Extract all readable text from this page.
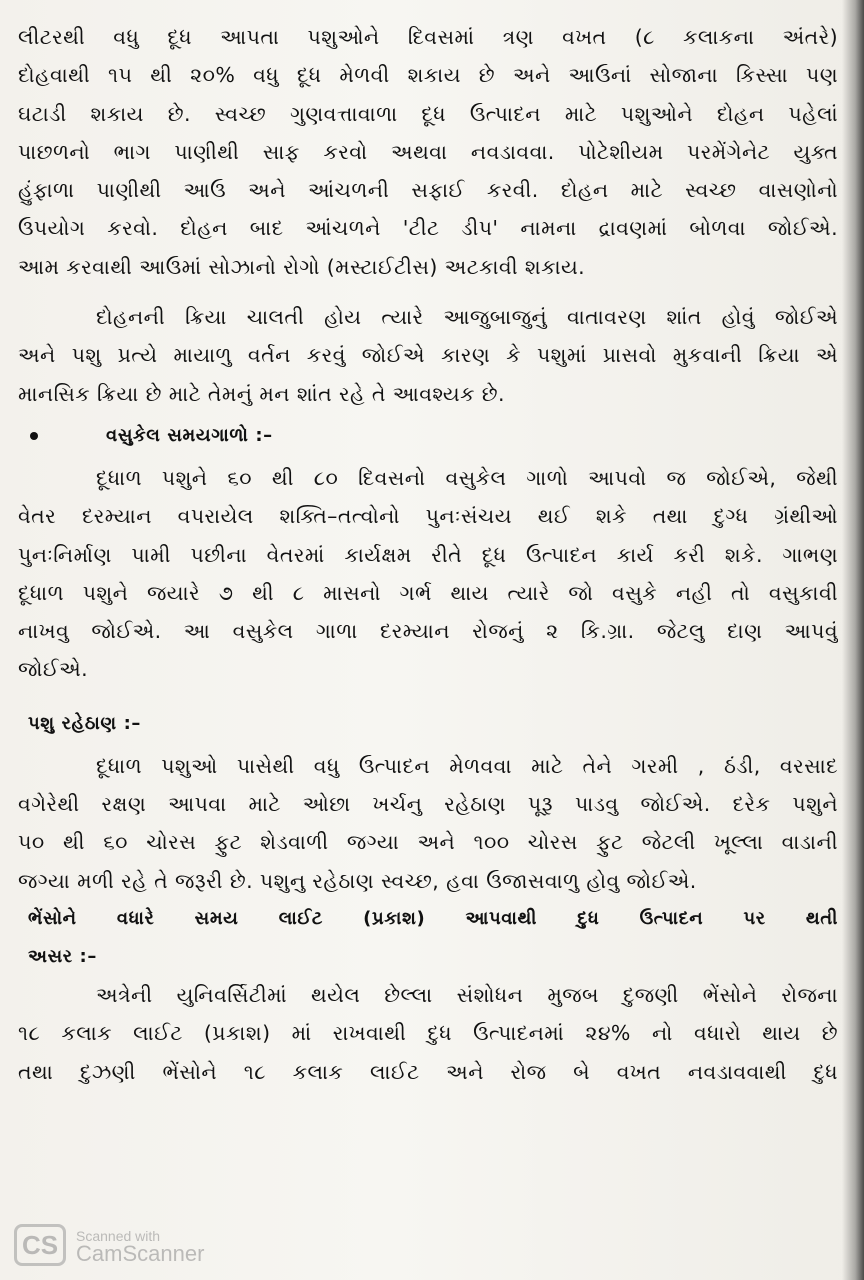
લીટરથી વધુ દૂધ આપતા પશુઓને દિવસમાં ત્રણ વખત (૮ કલાકના અંતરે)
દોહવાથી ૧૫ થી ૨૦% વધુ દૂધ મેળવી શકાય છે અને આઉનાં સોજાના કિસ્સા પણ
ઘટાડી શકાય છે. સ્વચ્છ ગુણવત્તાવાળા દૂધ ઉત્પાદન માટે પશુઓને દોહન પહેલાં
પાછળનો ભાગ પાણીથી સાફ કરવો અથવા નવડાવવા. પોટેશીયમ પરમેંગેનેટ યુક્ત
હુંફાળા પાણીથી આઉ અને આંચળની સફાઈ કરવી. દોહન માટે સ્વચ્છ વાસણોનો
ઉપયોગ કરવો. દોહન બાદ આંચળને 'ટીટ ડીપ' નામના દ્રાવણમાં બોળવા જોઈએ.
આમ કરવાથી આઉમાં સોઝાનો રોગો (મસ્ટાઈટીસ) અટકાવી શકાય.
દોહનની ક્રિયા ચાલતી હોય ત્યારે આજુબાજુનું વાતાવરણ શાંત હોવું જોઈએ
અને પશુ પ્રત્યે માયાળુ વર્તન કરવું જોઈએ કારણ કે પશુમાં પ્રાસવો મુકવાની ક્રિયા એ
માનસિક ક્રિયા છે માટે તેમનું મન શાંત રહે તે આવશ્યક છે.
વસુકેલ સમયગાળો :–
દૂધાળ પશુને ૬૦ થી ૮૦ દિવસનો વસુકેલ ગાળો આપવો જ જોઈએ, જેથી
વેતર દરમ્યાન વપરાયેલ શક્તિ–તત્વોનો પુનઃસંચય થઈ શકે તથા દુગ્ધ ગ્રંથીઓ
પુનઃનિર્માણ પામી પછીના વેતરમાં કાર્યક્ષમ રીતે દૂધ ઉત્પાદન કાર્ય કરી શકે. ગાભણ
દૂધાળ પશુને જયારે ૭ થી ૮ માસનો ગર્ભ થાય ત્યારે જો વસુકે નહી તો વસુકાવી
નાખવુ જોઈએ. આ વસુકેલ ગાળા દરમ્યાન રોજનું ૨ કિ.ગ્રા. જેટલુ દાણ આપવું
જોઈએ.
પશુ રહેઠાણ :–
દૂધાળ પશુઓ પાસેથી વધુ ઉત્પાદન મેળવવા માટે તેને ગરમી , ઠંડી, વરસાદ
વગેરેથી રક્ષણ આપવા માટે ઓછા ખર્ચનુ રહેઠાણ પૂરૂ પાડવુ જોઈએ. દરેક પશુને
૫૦ થી ૬૦ ચોરસ ફુટ શેડવાળી જગ્યા અને ૧૦૦ ચોરસ ફુટ જેટલી ખૂલ્લા વાડાની
જગ્યા મળી રહે તે જરૂરી છે. પશુનુ રહેઠાણ સ્વચ્છ, હવા ઉજાસવાળુ હોવુ જોઈએ.
ભેંસોને વધારે સમય લાઈટ (પ્રકાશ) આપવાથી દુધ ઉત્પાદન પર થતી
અસર :–
અત્રેની યુનિવર્સિટીમાં થયેલ છેલ્લા સંશોધન મુજબ દુજણી ભેંસોને રોજના
૧૮ કલાક લાઈટ (પ્રકાશ) માં રાખવાથી દુધ ઉત્પાદનમાં ૨૪% નો વધારો થાય છે
તથા દુઝણી ભેંસોને ૧૮ કલાક લાઈટ અને રોજ બે વખત નવડાવવાથી દુધ
CS	Scanned with
CamScanner
